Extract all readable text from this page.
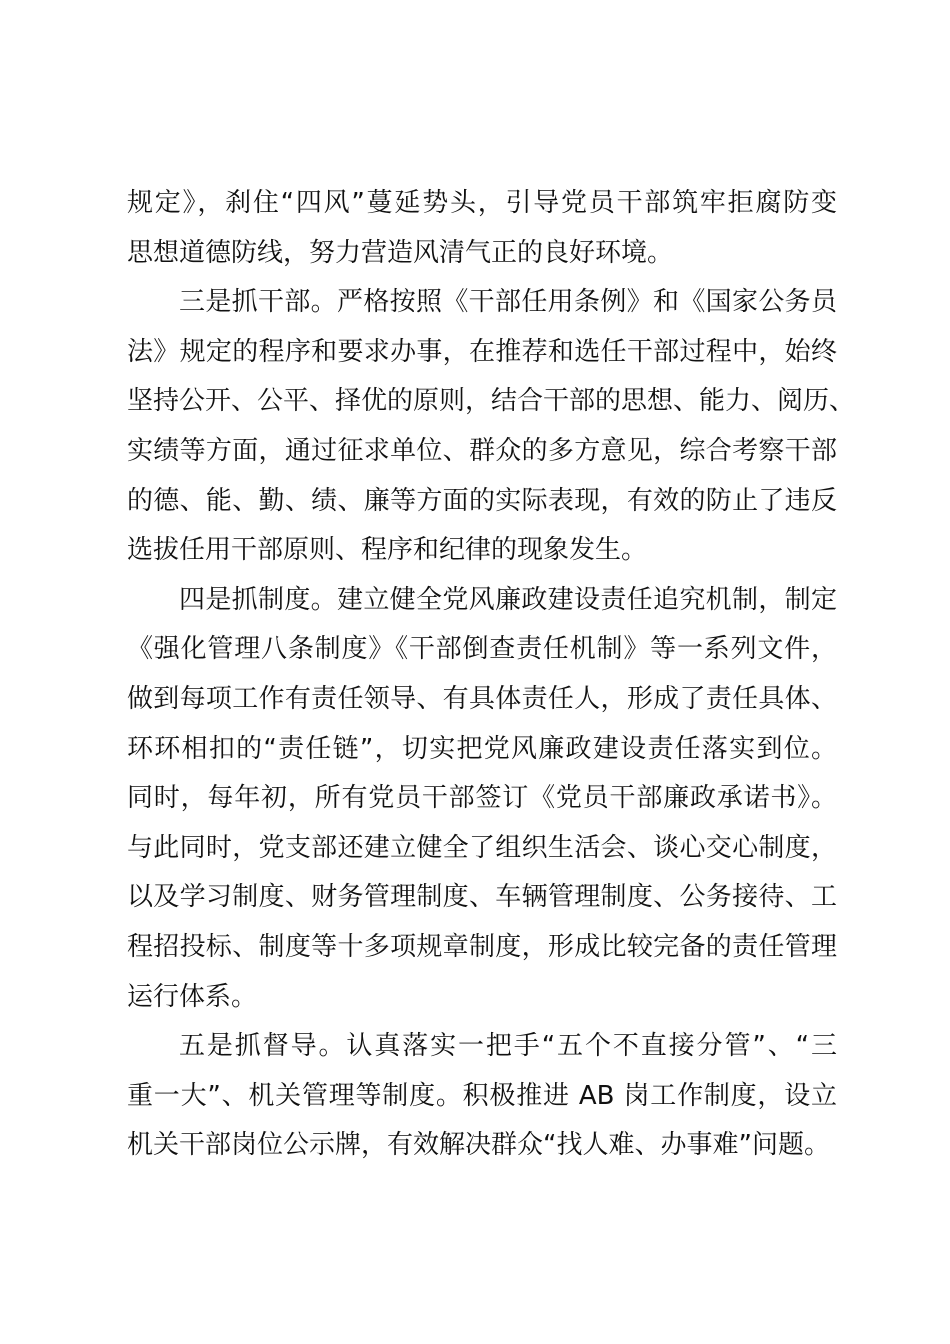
规定》，刹住“四风”蔓延势头，引导党员干部筑牢拒腐防变
思想道德防线，努力营造风清气正的良好环境。
三是抓干部。严格按照《干部任用条例》和《国家公务员
法》规定的程序和要求办事，在推荐和选任干部过程中，始终
坚持公开、公平、择优的原则，结合干部的思想、能力、阅历、
实绩等方面，通过征求单位、群众的多方意见，综合考察干部
的德、能、勤、绩、廉等方面的实际表现，有效的防止了违反
选拔任用干部原则、程序和纪律的现象发生。
四是抓制度。建立健全党风廉政建设责任追究机制，制定
《强化管理八条制度》《干部倒查责任机制》等一系列文件，
做到每项工作有责任领导、有具体责任人，形成了责任具体、
环环相扣的“责任链”，切实把党风廉政建设责任落实到位。
同时，每年初，所有党员干部签订《党员干部廉政承诺书》。
与此同时，党支部还建立健全了组织生活会、谈心交心制度，
以及学习制度、财务管理制度、车辆管理制度、公务接待、工
程招投标、制度等十多项规章制度，形成比较完备的责任管理
运行体系。
五是抓督导。认真落实一把手“五个不直接分管”、“三
重一大”、机关管理等制度。积极推进 AB 岗工作制度，设立
机关干部岗位公示牌，有效解决群众“找人难、办事难”问题。
